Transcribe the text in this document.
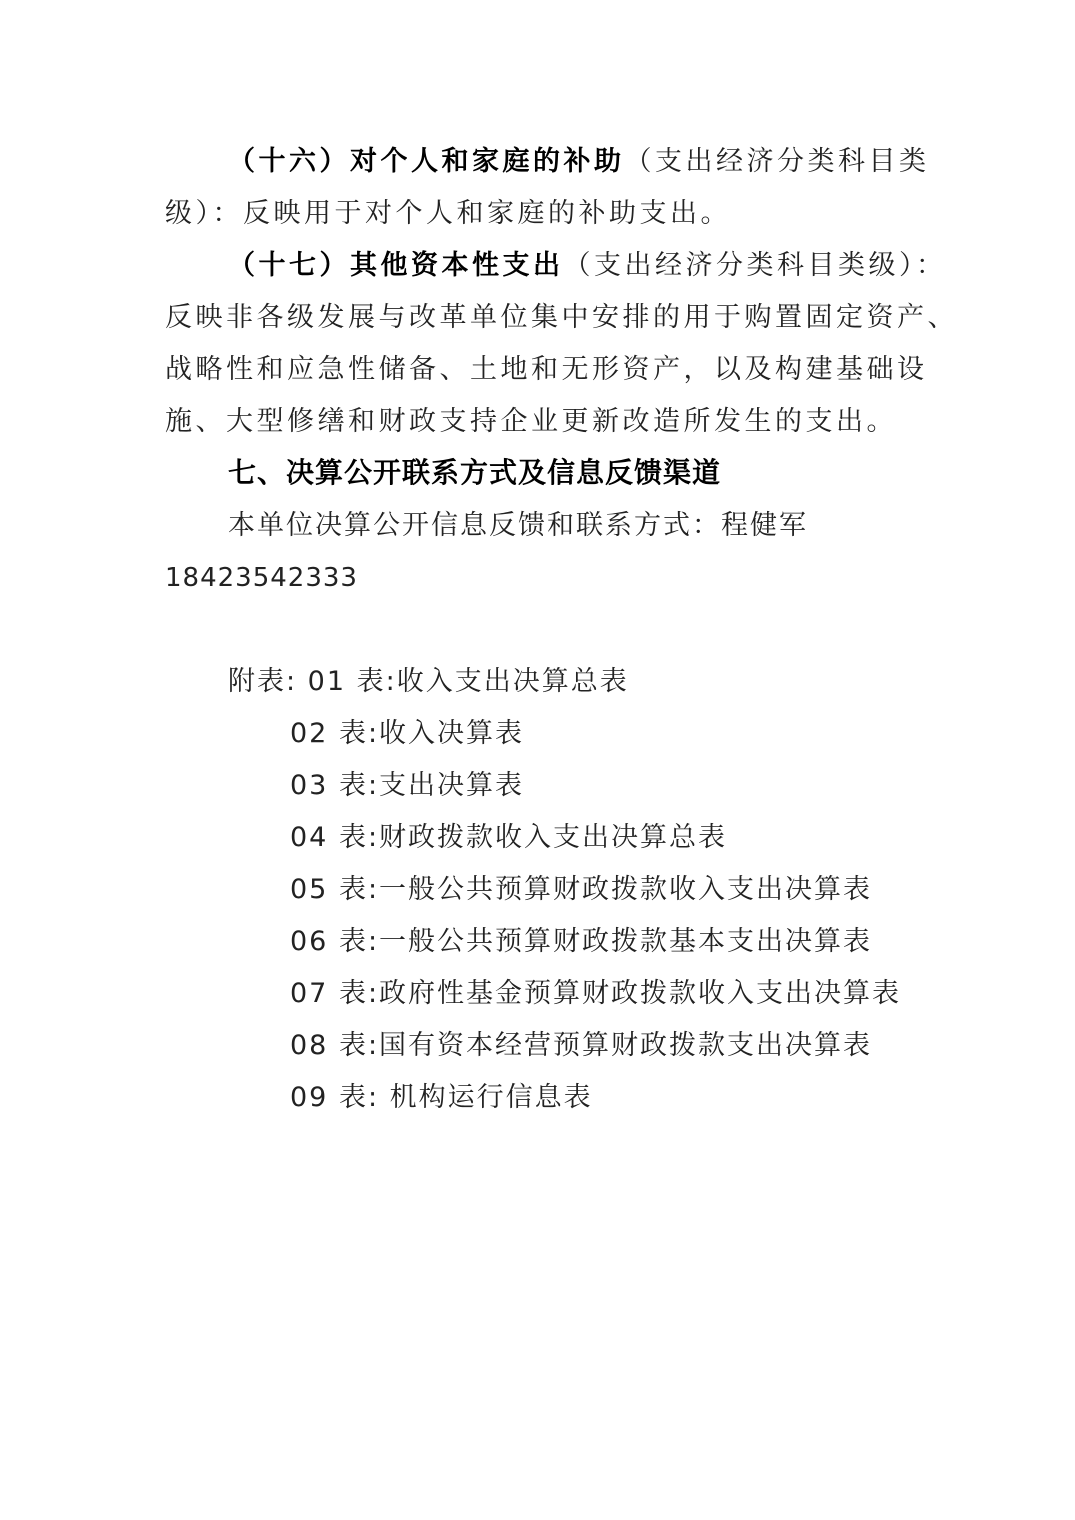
（十六）对个人和家庭的补助（支出经济分类科目类
级）：反映用于对个人和家庭的补助支出。
（十七）其他资本性支出（支出经济分类科目类级）：
反映非各级发展与改革单位集中安排的用于购置固定资产、
战略性和应急性储备、土地和无形资产，以及构建基础设
施、大型修缮和财政支持企业更新改造所发生的支出。
七、决算公开联系方式及信息反馈渠道
本单位决算公开信息反馈和联系方式：程健军
18423542333
附表: 01 表:收入支出决算总表
02 表:收入决算表
03 表:支出决算表
04 表:财政拨款收入支出决算总表
05 表:一般公共预算财政拨款收入支出决算表
06 表:一般公共预算财政拨款基本支出决算表
07 表:政府性基金预算财政拨款收入支出决算表
08 表:国有资本经营预算财政拨款支出决算表
09 表: 机构运行信息表
